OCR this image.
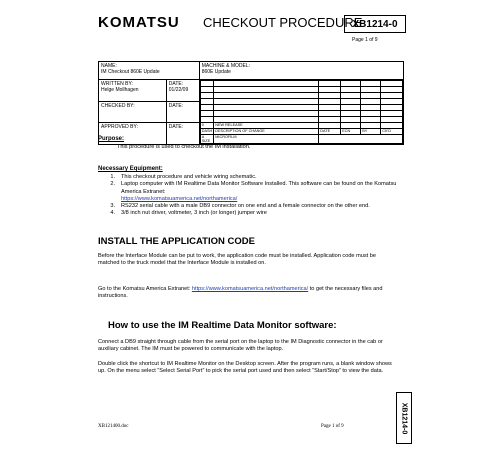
KOMATSU CHECKOUT PROCEDURE
XB1214-0
Page 1 of 9
NAME:
IM Checkout 860E Update

MACHINE & MODEL:
860E Update

WRITTEN BY:
Helge Mollhagen

DATE:
01/22/09

0	NEW RELEASE				
DASH	DESCRIPTION OF CHANGE	DATE	ECN	BY	CK'D
A SIZE	MICROFILM	

CHECKED BY:	DATE:

APPROVED BY:	DATE:
Purpose:
This procedure is used to checkout the IM installation.
Necessary Equipment:
1.	This checkout procedure and vehicle wiring schematic.
2.	Laptop computer with IM Realtime Data Monitor Software Installed. This software can be found on the Komatsu America Extranet:
https://www.komatsuamerica.net/northamerica/
3.	RS232 serial cable with a male DB9 connector on one end and a female connector on the other end.
4.	3/8 inch nut driver, voltmeter, 3 inch (or longer) jumper wire
INSTALL THE APPLICATION CODE
Before the Interface Module can be put to work, the application code must be installed. Application code must be matched to the truck model that the Interface Module is installed on.
Go to the Komatsu America Extranet: https://www.komatsuamerica.net/northamerica/ to get the necessary files and instructions.
How to use the IM Realtime Data Monitor software:
Connect a DB9 straight through cable from the serial port on the laptop to the IM Diagnostic connector in the cab or auxiliary cabinet. The IM must be powered to communicate with the laptop.
Double click the shortcut to IM Realtime Monitor on the Desktop screen. After the program runs, a blank window shows up. On the menu select “Select Serial Port” to pick the serial port used and then select “Start/Stop” to view the data.
XB1214-0
XB121400.doc	Page 1 of 9
